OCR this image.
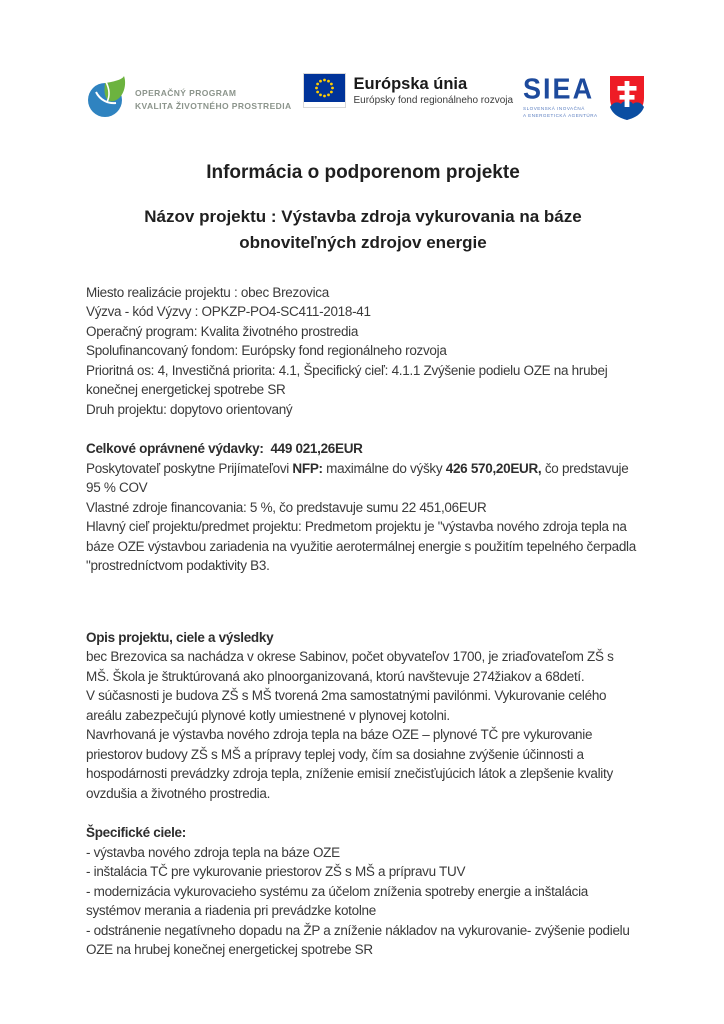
OPERAČNÝ PROGRAM
KVALITA ŽIVOTNÉHO PROSTREDIA
Európska únia
Európsky fond regionálneho rozvoja SIEA
SLOVENSKÁ INOVAČNÁ
A ENERGETICKÁ AGENTÚRA
Informácia o podporenom projekte
Názov projektu : Výstavba zdroja vykurovania na báze obnoviteľných zdrojov energie

Miesto realizácie projektu : obec Brezovica

Výzva - kód Výzvy : OPKZP-PO4-SC411-2018-41

Operačný program: Kvalita životného prostredia

Spolufinancovaný fondom: Európsky fond regionálneho rozvoja

Prioritná os: 4, Investičná priorita: 4.1, Špecifický cieľ: 4.1.1 Zvýšenie podielu OZE na hrubej konečnej energetickej spotrebe SR

Druh projektu: dopytovo orientovaný

Celkové oprávnené výdavky:  449 021,26EUR

Poskytovateľ poskytne Prijímateľovi NFP: maximálne do výšky 426 570,20EUR, čo predstavuje 95 % COV

Vlastné zdroje financovania: 5 %, čo predstavuje sumu 22 451,06EUR

Hlavný cieľ projektu/predmet projektu: Predmetom projektu je "výstavba nového zdroja tepla na báze OZE výstavbou zariadenia na využitie aerotermálnej energie s použitím tepelného čerpadla "prostredníctvom podaktivity B3.

Opis projektu, ciele a výsledky

bec Brezovica sa nachádza v okrese Sabinov, počet obyvateľov 1700, je zriaďovateľom ZŠ s MŠ. Škola je štruktúrovaná ako plnoorganizovaná, ktorú navštevuje 274žiakov a 68detí.

V súčasnosti je budova ZŠ s MŠ tvorená 2ma samostatnými pavilónmi. Vykurovanie celého areálu zabezpečujú plynové kotly umiestnené v plynovej kotolni.

Navrhovaná je výstavba nového zdroja tepla na báze OZE – plynové TČ pre vykurovanie priestorov budovy ZŠ s MŠ a prípravy teplej vody, čím sa dosiahne zvýšenie účinnosti a hospodárnosti prevádzky zdroja tepla, zníženie emisií znečisťujúcich látok a zlepšenie kvality ovzdušia a životného prostredia.

Špecifické ciele:

- výstavba nového zdroja tepla na báze OZE

- inštalácia TČ pre vykurovanie priestorov ZŠ s MŠ a prípravu TUV

- modernizácia vykurovacieho systému za účelom zníženia spotreby energie a inštalácia systémov merania a riadenia pri prevádzke kotolne

- odstránenie negatívneho dopadu na ŽP a zníženie nákladov na vykurovanie- zvýšenie podielu OZE na hrubej konečnej energetickej spotrebe SR
